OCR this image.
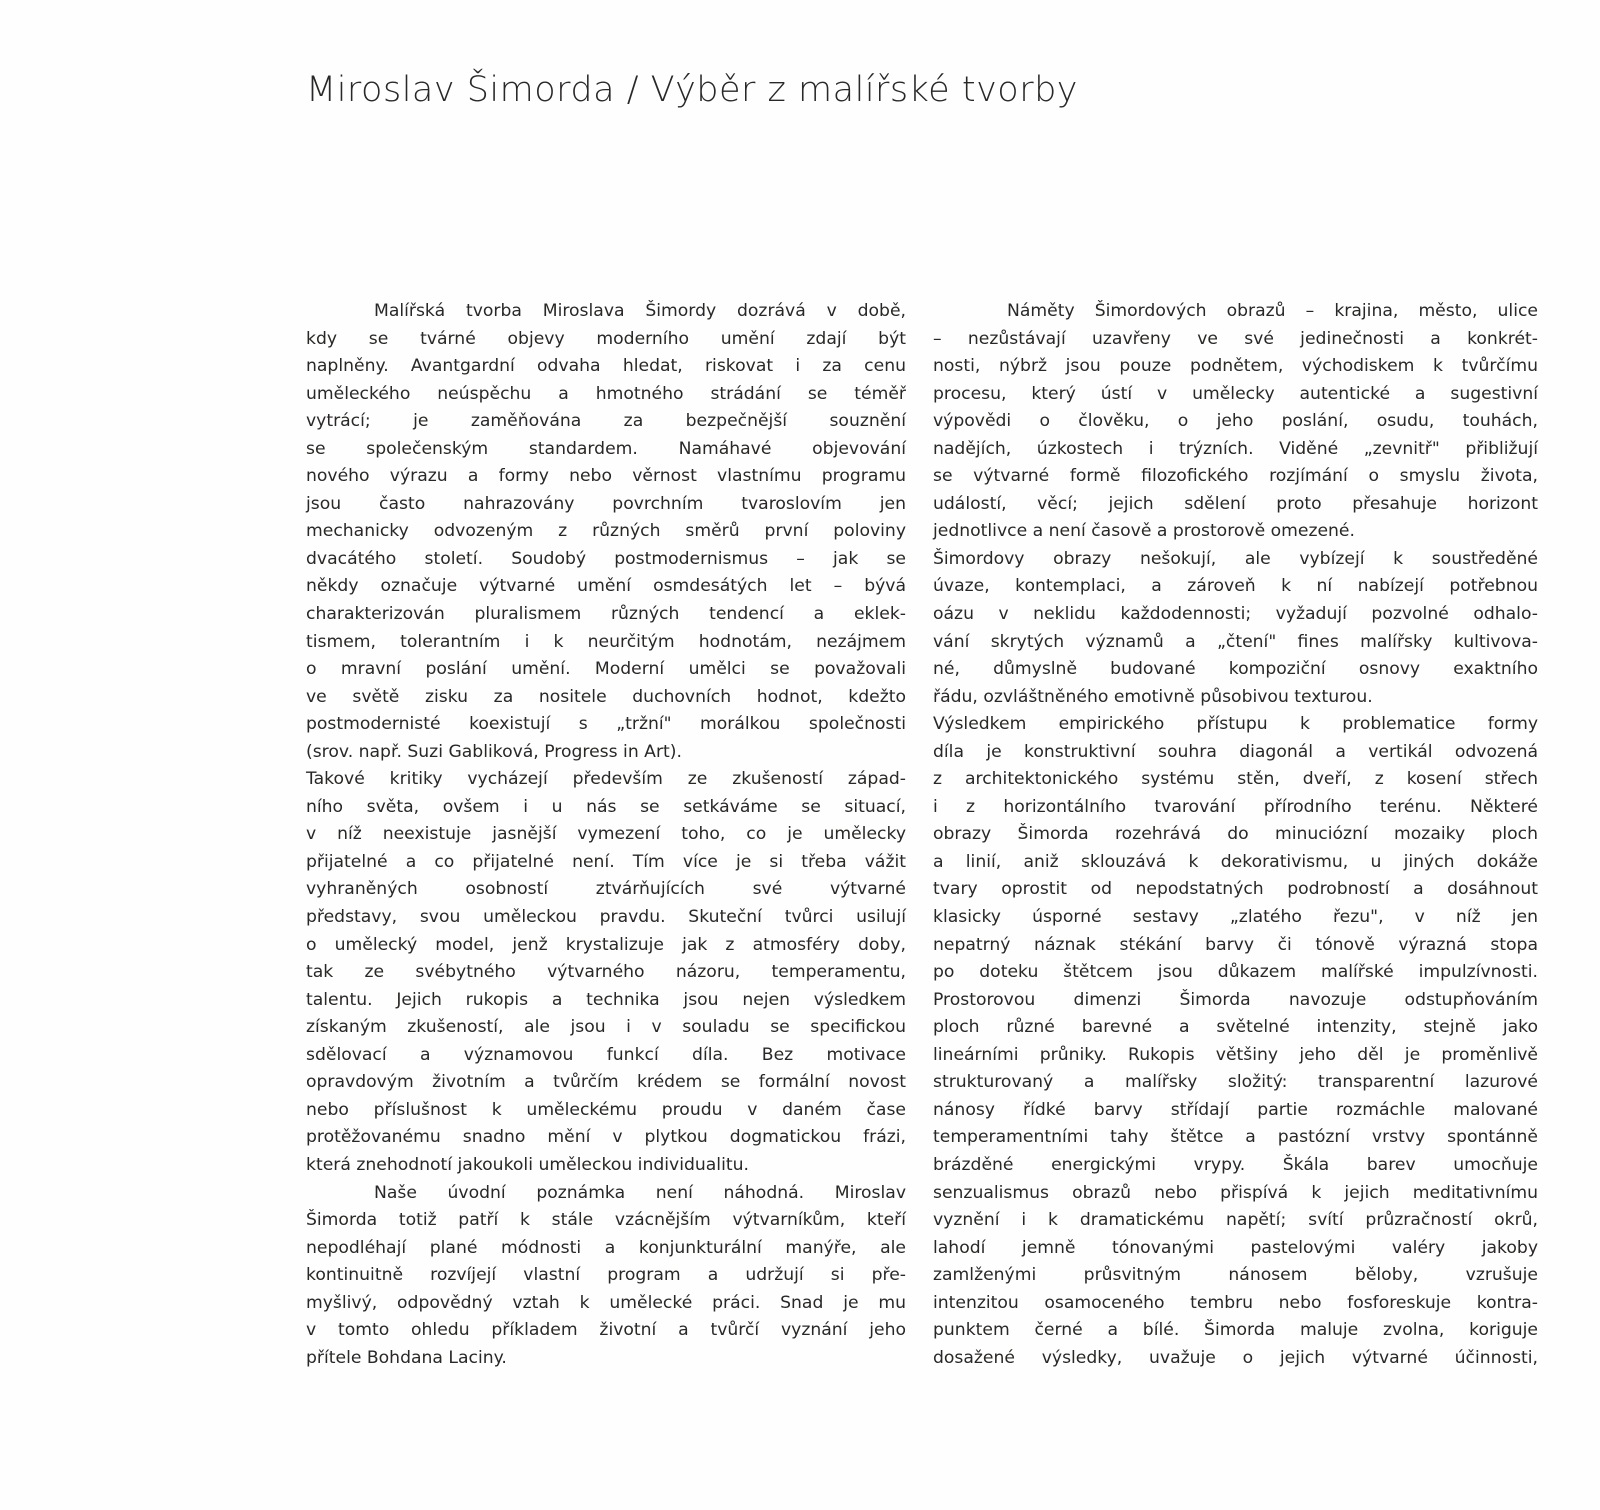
Miroslav Šimorda / Výběr z malířské tvorby
Malířská tvorba Miroslava Šimordy dozrává v době,
kdy se tvárné objevy moderního umění zdají být
naplněny. Avantgardní odvaha hledat, riskovat i za cenu
uměleckého neúspěchu a hmotného strádání se téměř
vytrácí; je zaměňována za bezpečnější souznění
se společenským standardem. Namáhavé objevování
nového výrazu a formy nebo věrnost vlastnímu programu
jsou často nahrazovány povrchním tvaroslovím jen
mechanicky odvozeným z různých směrů první poloviny
dvacátého století. Soudobý postmodernismus – jak se
někdy označuje výtvarné umění osmdesátých let – bývá
charakterizován pluralismem různých tendencí a eklek-
tismem, tolerantním i k neurčitým hodnotám, nezájmem
o mravní poslání umění. Moderní umělci se považovali
ve světě zisku za nositele duchovních hodnot, kdežto
postmodernisté koexistují s „tržní" morálkou společnosti
(srov. např. Suzi Gabliková, Progress in Art).
Takové kritiky vycházejí především ze zkušeností západ-
ního světa, ovšem i u nás se setkáváme se situací,
v níž neexistuje jasnější vymezení toho, co je umělecky
přijatelné a co přijatelné není. Tím více je si třeba vážit
vyhraněných osobností ztvárňujících své výtvarné
představy, svou uměleckou pravdu. Skuteční tvůrci usilují
o umělecký model, jenž krystalizuje jak z atmosféry doby,
tak ze svébytného výtvarného názoru, temperamentu,
talentu. Jejich rukopis a technika jsou nejen výsledkem
získaným zkušeností, ale jsou i v souladu se specifickou
sdělovací a významovou funkcí díla. Bez motivace
opravdovým životním a tvůrčím krédem se formální novost
nebo příslušnost k uměleckému proudu v daném čase
protěžovanému snadno mění v plytkou dogmatickou frázi,
která znehodnotí jakoukoli uměleckou individualitu.
Naše úvodní poznámka není náhodná. Miroslav
Šimorda totiž patří k stále vzácnějším výtvarníkům, kteří
nepodléhají plané módnosti a konjunkturální manýře, ale
kontinuitně rozvíjejí vlastní program a udržují si pře-
myšlivý, odpovědný vztah k umělecké práci. Snad je mu
v tomto ohledu příkladem životní a tvůrčí vyznání jeho
přítele Bohdana Laciny.
Náměty Šimordových obrazů – krajina, město, ulice
– nezůstávají uzavřeny ve své jedinečnosti a konkrét-
nosti, nýbrž jsou pouze podnětem, východiskem k tvůrčímu
procesu, který ústí v umělecky autentické a sugestivní
výpovědi o člověku, o jeho poslání, osudu, touhách,
nadějích, úzkostech i trýzních. Viděné „zevnitř" přibližují
se výtvarné formě filozofického rozjímání o smyslu života,
událostí, věcí; jejich sdělení proto přesahuje horizont
jednotlivce a není časově a prostorově omezené.
Šimordovy obrazy nešokují, ale vybízejí k soustředěné
úvaze, kontemplaci, a zároveň k ní nabízejí potřebnou
oázu v neklidu každodennosti; vyžadují pozvolné odhalo-
vání skrytých významů a „čtení" fines malířsky kultivova-
né, důmyslně budované kompoziční osnovy exaktního
řádu, ozvláštněného emotivně působivou texturou.
Výsledkem empirického přístupu k problematice formy
díla je konstruktivní souhra diagonál a vertikál odvozená
z architektonického systému stěn, dveří, z kosení střech
i z horizontálního tvarování přírodního terénu. Některé
obrazy Šimorda rozehrává do minuciózní mozaiky ploch
a linií, aniž sklouzává k dekorativismu, u jiných dokáže
tvary oprostit od nepodstatných podrobností a dosáhnout
klasicky úsporné sestavy „zlatého řezu", v níž jen
nepatrný náznak stékání barvy či tónově výrazná stopa
po doteku štětcem jsou důkazem malířské impulzívnosti.
Prostorovou dimenzi Šimorda navozuje odstupňováním
ploch různé barevné a světelné intenzity, stejně jako
lineárními průniky. Rukopis většiny jeho děl je proměnlivě
strukturovaný a malířsky složitý: transparentní lazurové
nánosy řídké barvy střídají partie rozmáchle malované
temperamentními tahy štětce a pastózní vrstvy spontánně
brázděné energickými vrypy. Škála barev umocňuje
senzualismus obrazů nebo přispívá k jejich meditativnímu
vyznění i k dramatickému napětí; svítí průzračností okrů,
lahodí jemně tónovanými pastelovými valéry jakoby
zamlženými průsvitným nánosem běloby, vzrušuje
intenzitou osamoceného tembru nebo fosforeskuje kontra-
punktem černé a bílé. Šimorda maluje zvolna, koriguje
dosažené výsledky, uvažuje o jejich výtvarné účinnosti,
